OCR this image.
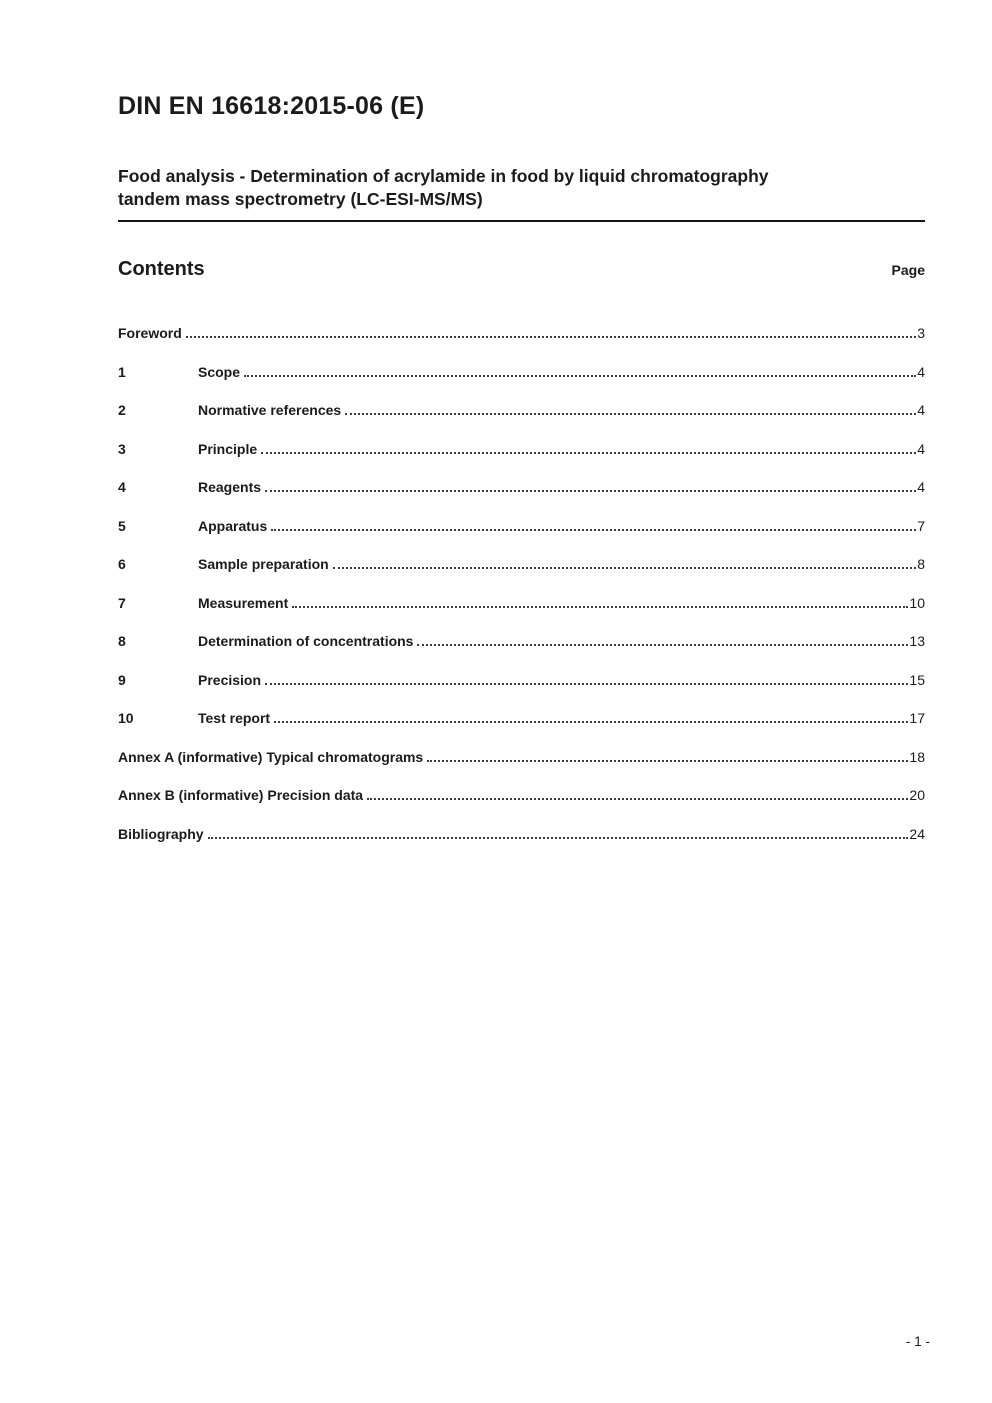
DIN EN 16618:2015-06 (E)
Food analysis - Determination of acrylamide in food by liquid chromatography
tandem mass spectrometry (LC-ESI-MS/MS)
Contents	Page
Foreword	3
1	Scope	4
2	Normative references	4
3	Principle	4
4	Reagents	4
5	Apparatus	7
6	Sample preparation	8
7	Measurement	10
8	Determination of concentrations	13
9	Precision	15
10	Test report	17
Annex A (informative) Typical chromatograms	18
Annex B (informative) Precision data	20
Bibliography	24
- 1 -
